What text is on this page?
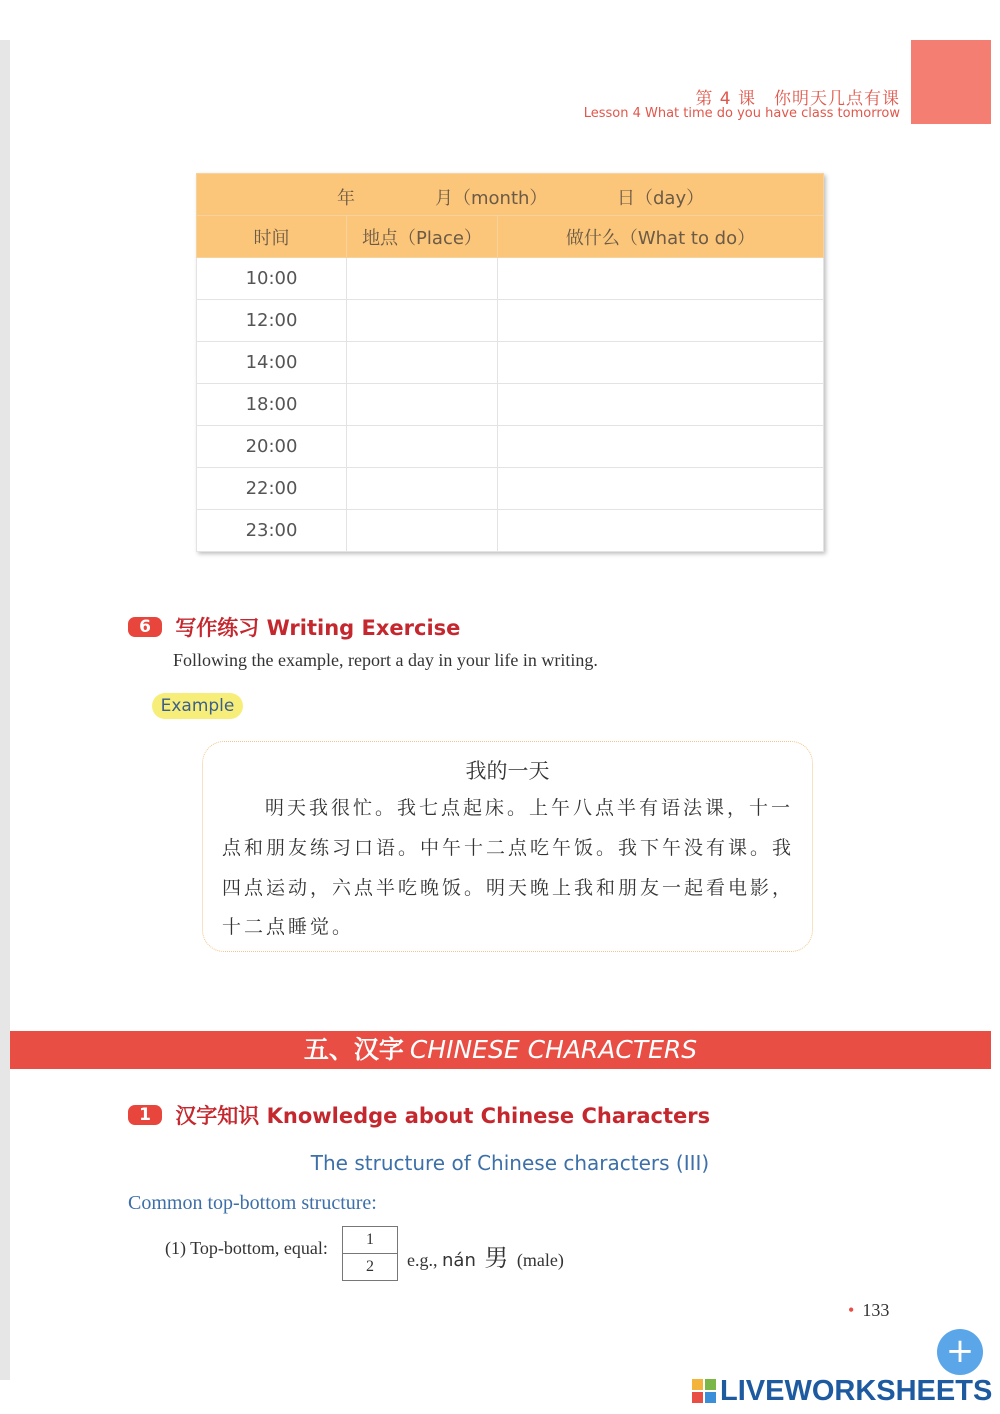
第 4 课　你明天几点有课
Lesson 4 What time do you have class tomorrow
年 月（month） 日（day）		

时间	地点（Place）	做什么（What to do）
10:00		
12:00		
14:00		
18:00		
20:00		
22:00		
23:00		
6 写作练习 Writing Exercise
Following the example, report a day in your life in writing.
Example
我的一天
明天我很忙。我七点起床。上午八点半有语法课，十一
点和朋友练习口语。中午十二点吃午饭。我下午没有课。我
四点运动，六点半吃晚饭。明天晚上我和朋友一起看电影，
十二点睡觉。
五、汉字 CHINESE CHARACTERS
1 汉字知识 Knowledge about Chinese Characters
The structure of Chinese characters (III)
Common top-bottom structure:
(1) Top-bottom, equal:	1
2	e.g., nán 男 (male)
• 133
+
LIVEWORKSHEETS
